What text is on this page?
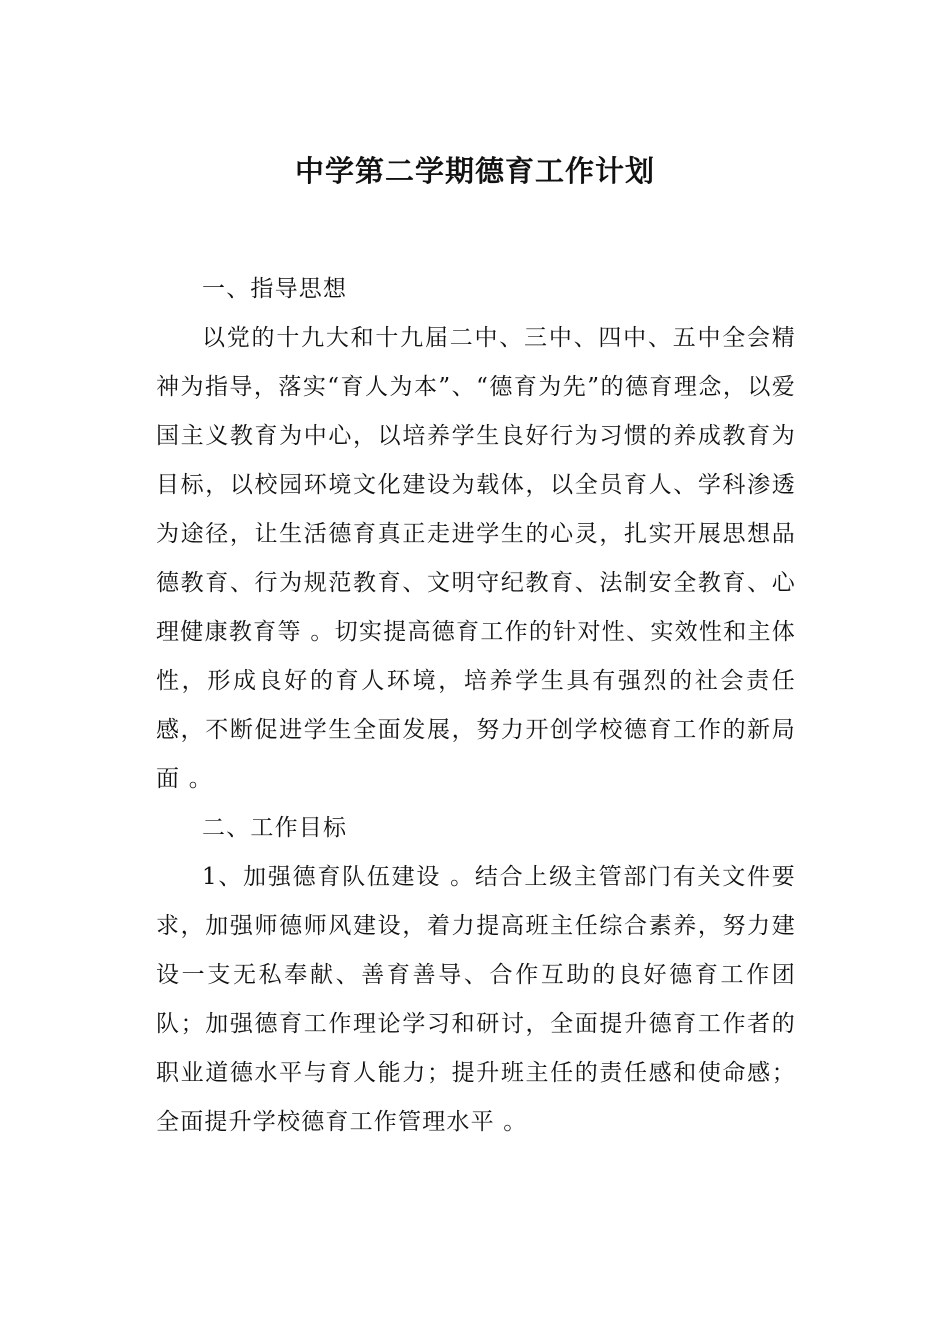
中学第二学期德育工作计划

一、指导思想

以党的十九大和十九届二中、三中、四中、五中全会精神为指导，落实“育人为本”、“德育为先”的德育理念，以爱国主义教育为中心，以培养学生良好行为习惯的养成教育为目标，以校园环境文化建设为载体，以全员育人、学科渗透为途径，让生活德育真正走进学生的心灵，扎实开展思想品德教育、行为规范教育、文明守纪教育、法制安全教育、心理健康教育等 。切实提高德育工作的针对性、实效性和主体性，形成良好的育人环境，培养学生具有强烈的社会责任感，不断促进学生全面发展，努力开创学校德育工作的新局面 。

二、工作目标

1、加强德育队伍建设 。结合上级主管部门有关文件要求，加强师德师风建设，着力提高班主任综合素养，努力建设一支无私奉献、善育善导、合作互助的良好德育工作团队；加强德育工作理论学习和研讨，全面提升德育工作者的职业道德水平与育人能力；提升班主任的责任感和使命感；全面提升学校德育工作管理水平 。
